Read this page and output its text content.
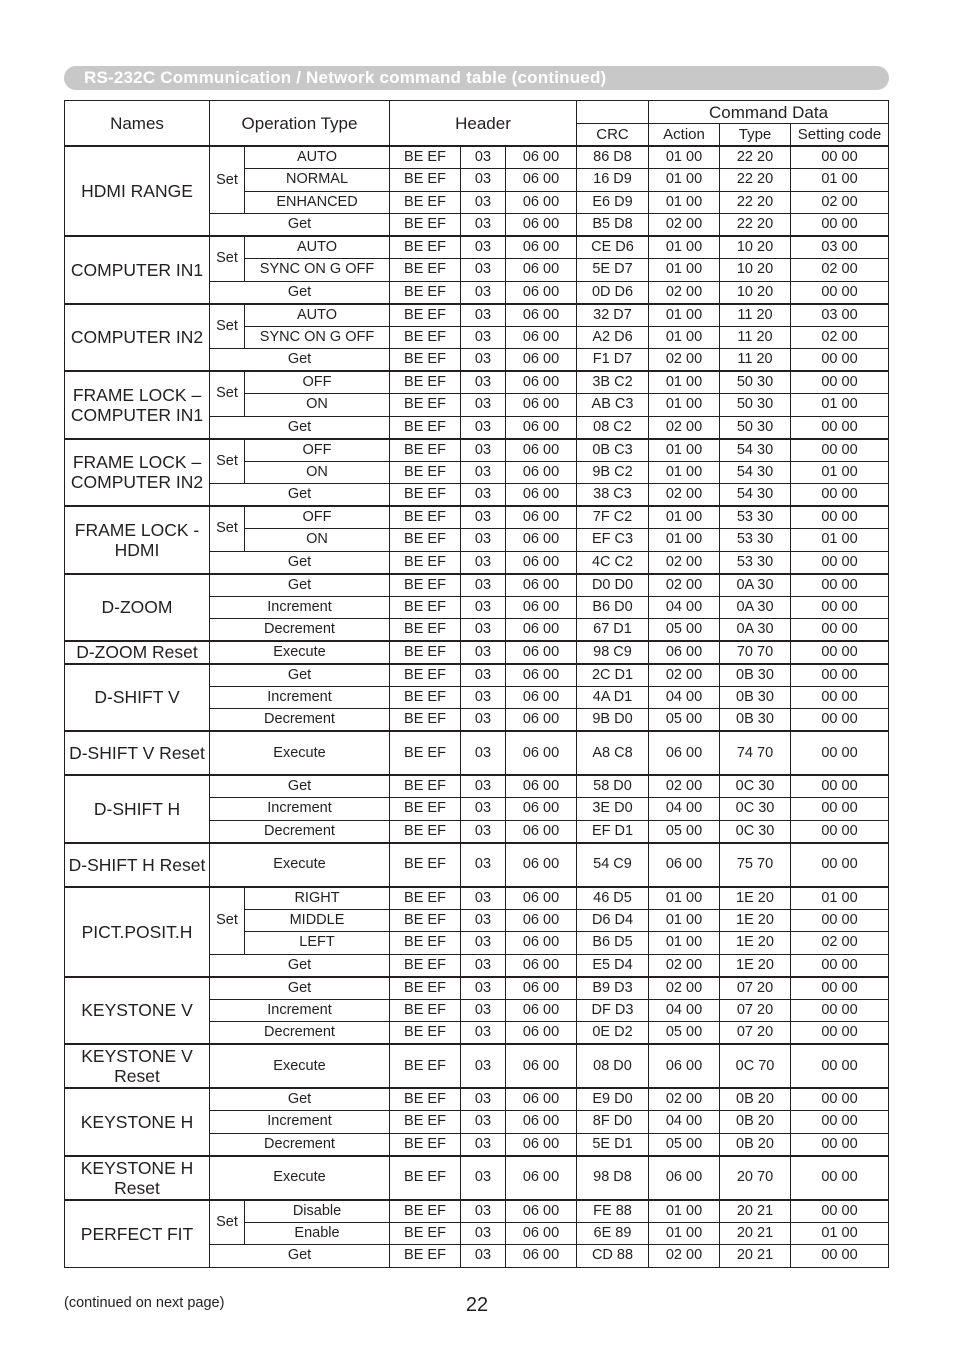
RS-232C Communication / Network command table (continued)
Names	Operation Type		Header				Command Data		
						CRC	Action	Type	Setting code
HDMI RANGE	Set	AUTO	BE EF	03	06 00	86 D8	01 00	22 20	00 00
		NORMAL	BE EF	03	06 00	16 D9	01 00	22 20	01 00
		ENHANCED	BE EF	03	06 00	E6 D9	01 00	22 20	02 00
	Get		BE EF	03	06 00	B5 D8	02 00	22 20	00 00
COMPUTER IN1	Set	AUTO	BE EF	03	06 00	CE D6	01 00	10 20	03 00
		SYNC ON G OFF	BE EF	03	06 00	5E D7	01 00	10 20	02 00
	Get		BE EF	03	06 00	0D D6	02 00	10 20	00 00
COMPUTER IN2	Set	AUTO	BE EF	03	06 00	32 D7	01 00	11 20	03 00
		SYNC ON G OFF	BE EF	03	06 00	A2 D6	01 00	11 20	02 00
	Get		BE EF	03	06 00	F1 D7	02 00	11 20	00 00
FRAME LOCK – COMPUTER IN1	Set	OFF	BE EF	03	06 00	3B C2	01 00	50 30	00 00
		ON	BE EF	03	06 00	AB C3	01 00	50 30	01 00
	Get		BE EF	03	06 00	08 C2	02 00	50 30	00 00
FRAME LOCK – COMPUTER IN2	Set	OFF	BE EF	03	06 00	0B C3	01 00	54 30	00 00
		ON	BE EF	03	06 00	9B C2	01 00	54 30	01 00
	Get		BE EF	03	06 00	38 C3	02 00	54 30	00 00
FRAME LOCK - HDMI	Set	OFF	BE EF	03	06 00	7F C2	01 00	53 30	00 00
		ON	BE EF	03	06 00	EF C3	01 00	53 30	01 00
	Get		BE EF	03	06 00	4C C2	02 00	53 30	00 00
D-ZOOM	Get		BE EF	03	06 00	D0 D0	02 00	0A 30	00 00
	Increment		BE EF	03	06 00	B6 D0	04 00	0A 30	00 00
	Decrement		BE EF	03	06 00	67 D1	05 00	0A 30	00 00
D-ZOOM Reset	Execute		BE EF	03	06 00	98 C9	06 00	70 70	00 00
D-SHIFT V	Get		BE EF	03	06 00	2C D1	02 00	0B 30	00 00
	Increment		BE EF	03	06 00	4A D1	04 00	0B 30	00 00
	Decrement		BE EF	03	06 00	9B D0	05 00	0B 30	00 00
D-SHIFT V Reset	Execute		BE EF	03	06 00	A8 C8	06 00	74 70	00 00
D-SHIFT H	Get		BE EF	03	06 00	58 D0	02 00	0C 30	00 00
	Increment		BE EF	03	06 00	3E D0	04 00	0C 30	00 00
	Decrement		BE EF	03	06 00	EF D1	05 00	0C 30	00 00
D-SHIFT H Reset	Execute		BE EF	03	06 00	54 C9	06 00	75 70	00 00
PICT.POSIT.H	Set	RIGHT	BE EF	03	06 00	46 D5	01 00	1E 20	01 00
		MIDDLE	BE EF	03	06 00	D6 D4	01 00	1E 20	00 00
		LEFT	BE EF	03	06 00	B6 D5	01 00	1E 20	02 00
	Get		BE EF	03	06 00	E5 D4	02 00	1E 20	00 00
KEYSTONE V	Get		BE EF	03	06 00	B9 D3	02 00	07 20	00 00
	Increment		BE EF	03	06 00	DF D3	04 00	07 20	00 00
	Decrement		BE EF	03	06 00	0E D2	05 00	07 20	00 00
KEYSTONE V Reset	Execute		BE EF	03	06 00	08 D0	06 00	0C 70	00 00
KEYSTONE H	Get		BE EF	03	06 00	E9 D0	02 00	0B 20	00 00
	Increment		BE EF	03	06 00	8F D0	04 00	0B 20	00 00
	Decrement		BE EF	03	06 00	5E D1	05 00	0B 20	00 00
KEYSTONE H Reset	Execute		BE EF	03	06 00	98 D8	06 00	20 70	00 00
PERFECT FIT	Set	Disable	BE EF	03	06 00	FE 88	01 00	20 21	00 00
		Enable	BE EF	03	06 00	6E 89	01 00	20 21	01 00
	Get		BE EF	03	06 00	CD 88	02 00	20 21	00 00
(continued on next page)	22
